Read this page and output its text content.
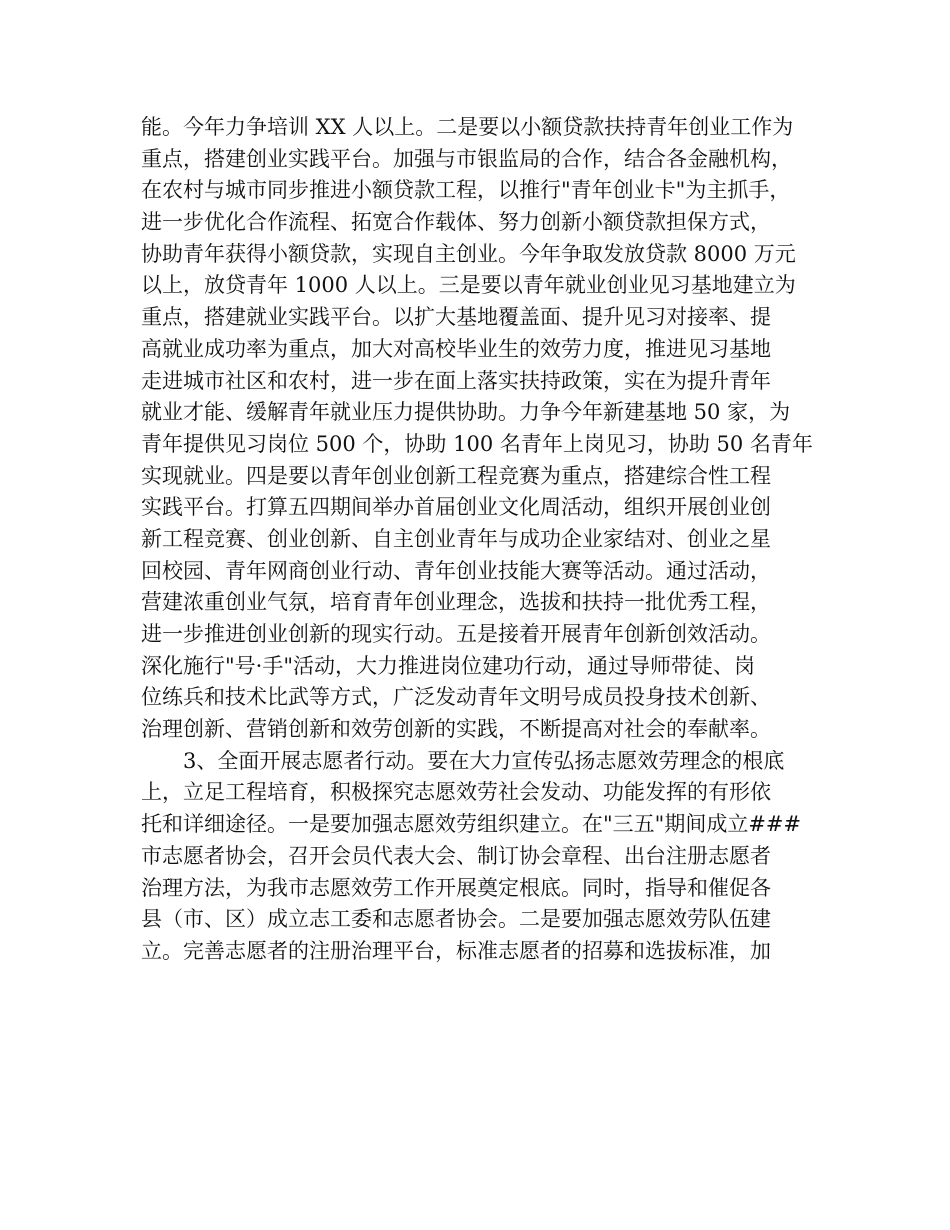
能。今年力争培训 XX 人以上。二是要以小额贷款扶持青年创业工作为
重点，搭建创业实践平台。加强与市银监局的合作，结合各金融机构，
在农村与城市同步推进小额贷款工程，以推行"青年创业卡"为主抓手，
进一步优化合作流程、拓宽合作载体、努力创新小额贷款担保方式，
协助青年获得小额贷款，实现自主创业。今年争取发放贷款 8000 万元
以上，放贷青年 1000 人以上。三是要以青年就业创业见习基地建立为
重点，搭建就业实践平台。以扩大基地覆盖面、提升见习对接率、提
高就业成功率为重点，加大对高校毕业生的效劳力度，推进见习基地
走进城市社区和农村，进一步在面上落实扶持政策，实在为提升青年
就业才能、缓解青年就业压力提供协助。力争今年新建基地 50 家，为
青年提供见习岗位 500 个，协助 100 名青年上岗见习，协助 50 名青年
实现就业。四是要以青年创业创新工程竞赛为重点，搭建综合性工程
实践平台。打算五四期间举办首届创业文化周活动，组织开展创业创
新工程竞赛、创业创新、自主创业青年与成功企业家结对、创业之星
回校园、青年网商创业行动、青年创业技能大赛等活动。通过活动，
营建浓重创业气氛，培育青年创业理念，选拔和扶持一批优秀工程，
进一步推进创业创新的现实行动。五是接着开展青年创新创效活动。
深化施行"号·手"活动，大力推进岗位建功行动，通过导师带徒、岗
位练兵和技术比武等方式，广泛发动青年文明号成员投身技术创新、
治理创新、营销创新和效劳创新的实践，不断提高对社会的奉献率。
3、全面开展志愿者行动。要在大力宣传弘扬志愿效劳理念的根底
上，立足工程培育，积极探究志愿效劳社会发动、功能发挥的有形依
托和详细途径。一是要加强志愿效劳组织建立。在"三五"期间成立###
市志愿者协会，召开会员代表大会、制订协会章程、出台注册志愿者
治理方法，为我市志愿效劳工作开展奠定根底。同时，指导和催促各
县（市、区）成立志工委和志愿者协会。二是要加强志愿效劳队伍建
立。完善志愿者的注册治理平台，标准志愿者的招募和选拔标准，加
